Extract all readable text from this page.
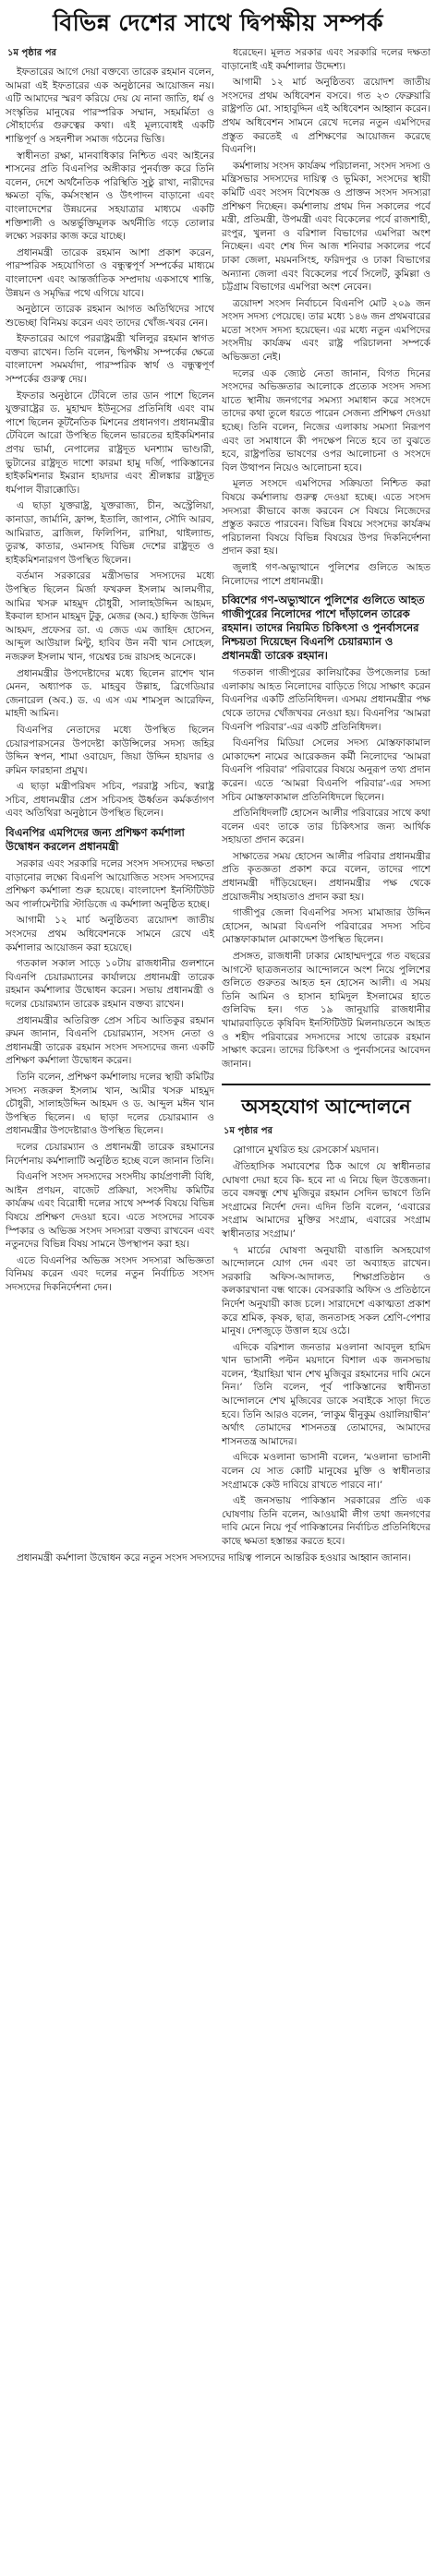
বিভিন্ন দেশের সাথে দ্বিপক্ষীয় সম্পর্ক
১ম পৃষ্ঠার পর

ইফতারের আগে দেয়া বক্তব্যে তারেক রহমান বলেন, আমরা এই ইফতারের এক অনুষ্ঠানের আয়োজন নয়। এটি আমাদের স্মরণ করিয়ে দেয় যে নানা জাতি, ধর্ম ও সংস্কৃতির মানুষের পারস্পরিক সম্মান, সহমর্মিতা ও সৌহার্দ্যের গুরুত্বের কথা। এই মূল্যবোধই একটি শান্তিপূর্ণ ও সহনশীল সমাজ গঠনের ভিত্তি।

স্বাধীনতা রক্ষা, মানবাধিকার নিশ্চিত এবং আইনের শাসনের প্রতি বিএনপির অঙ্গীকার পুনর্ব্যক্ত করে তিনি বলেন, দেশে অর্থনৈতিক পরিস্থিতি সুষ্ঠু রাখা, নারীদের ক্ষমতা বৃদ্ধি, কর্মসংস্থান ও উৎপাদন বাড়ানো এবং বাংলাদেশের উন্নয়নের সহযাত্রার মাধ্যমে একটি শক্তিশালী ও অন্তর্ভুক্তিমূলক অর্থনীতি গড়ে তোলার লক্ষ্যে সরকার কাজ করে যাচ্ছে।

প্রধানমন্ত্রী তারেক রহমান আশা প্রকাশ করেন, পারস্পরিক সহযোগিতা ও বন্ধুত্বপূর্ণ সম্পর্কের মাধ্যমে বাংলাদেশ এবং আন্তর্জাতিক সম্প্রদায় একসাথে শান্তি, উন্নয়ন ও সমৃদ্ধির পথে এগিয়ে যাবে।

অনুষ্ঠানে তারেক রহমান আগত অতিথিদের সাথে শুভেচ্ছা বিনিময় করেন এবং তাদের খোঁজ-খবর নেন।

ইফতারের আগে পররাষ্ট্রমন্ত্রী খলিলুর রহমান স্বাগত বক্তব্য রাখেন। তিনি বলেন, দ্বিপক্ষীয় সম্পর্কের ক্ষেত্রে বাংলাদেশ সমমর্যাদা, পারস্পরিক স্বার্থ ও বন্ধুত্বপূর্ণ সম্পর্কের গুরুত্ব দেয়।

ইফতার অনুষ্ঠানে টেবিলে তার ডান পাশে ছিলেন যুক্তরাষ্ট্রের ড. মুহাম্মদ ইউনূসের প্রতিনিধি এবং বাম পাশে ছিলেন কূটনৈতিক মিশনের প্রধানগণ। প্রধানমন্ত্রীর টেবিলে আরো উপস্থিত ছিলেন ভারতের হাইকমিশনার প্রণয় ভার্মা, নেপালের রাষ্ট্রদূত ঘনশ্যাম ভাণ্ডারী, ভুটানের রাষ্ট্রদূত দাশো কারমা হামু দর্জি, পাকিস্তানের হাইকমিশনার ইমরান হায়দার এবং শ্রীলঙ্কার রাষ্ট্রদূত ধর্মপাল বীরাক্কোডি।

এ ছাড়া যুক্তরাষ্ট্র, যুক্তরাজ্য, চীন, অস্ট্রেলিয়া, কানাডা, জার্মানি, ফ্রান্স, ইতালি, জাপান, সৌদি আরব, আমিরাত, ব্রাজিল, ফিলিপিন, রাশিয়া, থাইল্যান্ড, তুরস্ক, কাতার, ওমানসহ বিভিন্ন দেশের রাষ্ট্রদূত ও হাইকমিশনারগণ উপস্থিত ছিলেন।

বর্তমান সরকারের মন্ত্রীসভার সদস্যদের মধ্যে উপস্থিত ছিলেন মির্জা ফখরুল ইসলাম আলমগীর, আমির খসরু মাহমুদ চৌধুরী, সালাহউদ্দিন আহমদ, ইকবাল হাসান মাহমুদ টুকু, মেজর (অব.) হাফিজ উদ্দিন আহমদ, প্রফেসর ডা. এ জেড এম জাহিদ হোসেন, আব্দুল আউয়াল মিন্টু, হাবিব উন নবী খান সোহেল, নজরুল ইসলাম খান, গয়েশ্বর চন্দ্র রায়সহ অনেকে।

প্রধানমন্ত্রীর উপদেষ্টাদের মধ্যে ছিলেন রাশেদ খান মেনন, অধ্যাপক ড. মাহবুব উল্লাহ, ব্রিগেডিয়ার জেনারেল (অব.) ড. এ এস এম শামসুল আরেফিন, মাহদী আমিন।

বিএনপির নেতাদের মধ্যে উপস্থিত ছিলেন চেয়ারপারসনের উপদেষ্টা কাউন্সিলের সদস্য জহির উদ্দিন স্বপন, শামা ওবায়েদ, জিয়া উদ্দিন হায়দার ও রুমিন ফারহানা প্রমুখ।

এ ছাড়া মন্ত্রীপরিষদ সচিব, পররাষ্ট্র সচিব, স্বরাষ্ট্র সচিব, প্রধানমন্ত্রীর প্রেস সচিবসহ ঊর্ধ্বতন কর্মকর্তাগণ এবং অতিথিরা অনুষ্ঠানে উপস্থিত ছিলেন।

বিএনপির এমপিদের জন্য প্রশিক্ষণ কর্মশালা উদ্বোধন করলেন প্রধানমন্ত্রী

সরকার এবং সরকারি দলের সংসদ সদস্যদের দক্ষতা বাড়ানোর লক্ষ্যে বিএনপি আয়োজিত সংসদ সদস্যদের প্রশিক্ষণ কর্মশালা শুরু হয়েছে। বাংলাদেশ ইনস্টিটিউট অব পার্লামেন্টারি স্টাডিজে এ কর্মশালা অনুষ্ঠিত হচ্ছে।

আগামী ১২ মার্চ অনুষ্ঠিতব্য ত্রয়োদশ জাতীয় সংসদের প্রথম অধিবেশনকে সামনে রেখে এই কর্মশালার আয়োজন করা হয়েছে।

গতকাল সকাল সাড়ে ১০টায় রাজধানীর গুলশানে বিএনপি চেয়ারম্যানের কার্যালয়ে প্রধানমন্ত্রী তারেক রহমান কর্মশালার উদ্বোধন করেন। সভায় প্রধানমন্ত্রী ও দলের চেয়ারম্যান তারেক রহমান বক্তব্য রাখেন।

প্রধানমন্ত্রীর অতিরিক্ত প্রেস সচিব আতিকুর রহমান রুমন জানান, বিএনপি চেয়ারম্যান, সংসদ নেতা ও প্রধানমন্ত্রী তারেক রহমান সংসদ সদস্যদের জন্য একটি প্রশিক্ষণ কর্মশালা উদ্বোধন করেন।

তিনি বলেন, প্রশিক্ষণ কর্মশালায় দলের স্থায়ী কমিটির সদস্য নজরুল ইসলাম খান, আমীর খসরু মাহমুদ চৌধুরী, সালাহউদ্দিন আহমদ ও ড. আব্দুল মঈন খান উপস্থিত ছিলেন। এ ছাড়া দলের চেয়ারম্যান ও প্রধানমন্ত্রীর উপদেষ্টারাও উপস্থিত ছিলেন।

দলের চেয়ারম্যান ও প্রধানমন্ত্রী তারেক রহমানের নির্দেশনায় কর্মশালাটি অনুষ্ঠিত হচ্ছে বলে জানান তিনি।

বিএনপি সংসদ সদস্যদের সংসদীয় কার্যপ্রণালী বিধি, আইন প্রণয়ন, বাজেট প্রক্রিয়া, সংসদীয় কমিটির কার্যক্রম এবং বিরোধী দলের সাথে সম্পর্ক বিষয়ে বিভিন্ন বিষয়ে প্রশিক্ষণ দেওয়া হবে। এতে সংসদের সাবেক স্পিকার ও অভিজ্ঞ সংসদ সদস্যরা বক্তব্য রাখবেন এবং নতুনদের বিভিন্ন বিষয় সামনে উপস্থাপন করা হয়।

এতে বিএনপির অভিজ্ঞ সংসদ সদস্যরা অভিজ্ঞতা বিনিময় করেন এবং দলের নতুন নির্বাচিত সংসদ সদস্যদের দিকনির্দেশনা দেন।

ধরেছেন। মূলত সরকার এবং সরকারি দলের দক্ষতা বাড়ানোই এই কর্মশালার উদ্দেশ্য।

আগামী ১২ মার্চ অনুষ্ঠিতব্য ত্রয়োদশ জাতীয় সংসদের প্রথম অধিবেশন বসবে। গত ২৩ ফেব্রুয়ারি রাষ্ট্রপতি মো. সাহাবুদ্দিন এই অধিবেশন আহ্বান করেন। প্রথম অধিবেশন সামনে রেখে দলের নতুন এমপিদের প্রস্তুত করতেই এ প্রশিক্ষণের আয়োজন করেছে বিএনপি।

কর্মশালায় সংসদ কার্যক্রম পরিচালনা, সংসদ সদস্য ও মন্ত্রিসভার সদস্যদের দায়িত্ব ও ভূমিকা, সংসদের স্থায়ী কমিটি এবং সংসদ বিশেষজ্ঞ ও প্রাক্তন সংসদ সদস্যরা প্রশিক্ষণ দিচ্ছেন। কর্মশালায় প্রথম দিন সকালের পর্বে মন্ত্রী, প্রতিমন্ত্রী, উপমন্ত্রী এবং বিকেলের পর্বে রাজশাহী, রংপুর, খুলনা ও বরিশাল বিভাগের এমপিরা অংশ নিচ্ছেন। এবং শেষ দিন আজ শনিবার সকালের পর্বে ঢাকা জেলা, ময়মনসিংহ, ফরিদপুর ও ঢাকা বিভাগের অন্যান্য জেলা এবং বিকেলের পর্বে সিলেট, কুমিল্লা ও চট্টগ্রাম বিভাগের এমপিরা অংশ নেবেন।

ত্রয়োদশ সংসদ নির্বাচনে বিএনপি মোট ২০৯ জন সংসদ সদস্য পেয়েছে। তার মধ্যে ১৪৬ জন প্রথমবারের মতো সংসদ সদস্য হয়েছেন। এর মধ্যে নতুন এমপিদের সংসদীয় কার্যক্রম এবং রাষ্ট্র পরিচালনা সম্পর্কে অভিজ্ঞতা নেই।

দলের এক জ্যেষ্ঠ নেতা জানান, বিগত দিনের সংসদের অভিজ্ঞতার আলোকে প্রত্যেক সংসদ সদস্য যাতে স্থানীয় জনগণের সমস্যা সমাধান করে সংসদে তাদের কথা তুলে ধরতে পারেন সেজন্য প্রশিক্ষণ দেওয়া হচ্ছে। তিনি বলেন, নিজের এলাকায় সমস্যা নিরূপণ এবং তা সমাধানে কী পদক্ষেপ নিতে হবে তা বুঝতে হবে, রাষ্ট্রপতির ভাষণের ওপর আলোচনা ও সংসদে বিল উত্থাপন নিয়েও আলোচনা হবে।

মূলত সংসদে এমপিদের সক্রিয়তা নিশ্চিত করা বিষয়ে কর্মশালায় গুরুত্ব দেওয়া হচ্ছে। এতে সংসদ সদস্যরা কীভাবে কাজ করবেন সে বিষয়ে নিজেদের প্রস্তুত করতে পারবেন। বিভিন্ন বিষয়ে সংসদের কার্যক্রম পরিচালনা বিষয়ে বিভিন্ন বিষয়ের উপর দিকনির্দেশনা প্রদান করা হয়।

জুলাই গণ-অভ্যুত্থানে পুলিশের গুলিতে আহত নিলোদের পাশে প্রধানমন্ত্রী।

চব্বিশের গণ-অভ্যুত্থানে পুলিশের গুলিতে আহত গাজীপুরের নিলোদের পাশে দাঁড়ালেন তারেক রহমান। তাদের নিয়মিত চিকিৎসা ও পুনর্বাসনের নিশ্চয়তা দিয়েছেন বিএনপি চেয়ারম্যান ও প্রধানমন্ত্রী তারেক রহমান।

গতকাল গাজীপুরের কালিয়াকৈর উপজেলার চন্দ্রা এলাকায় আহত নিলোদের বাড়িতে গিয়ে সাক্ষাৎ করেন বিএনপির একটি প্রতিনিধিদল। এসময় প্রধানমন্ত্রীর পক্ষ থেকে তাদের খোঁজখবর নেওয়া হয়। বিএনপির ‘আমরা বিএনপি পরিবার’-এর একটি প্রতিনিধিদল।

বিএনপির মিডিয়া সেলের সদস্য মোস্তফাকামাল মোকাদ্দেশ নামের আরেকজন কর্মী নিলোদের ‘আমরা বিএনপি পরিবার’ পরিবারের বিষয়ে অনুরূপ তথ্য প্রদান করেন। এতে ‘আমরা বিএনপি পরিবার’-এর সদস্য সচিব মোস্তফাকামাল প্রতিনিধিদলে ছিলেন।

প্রতিনিধিদলটি হোসেন আলীর পরিবারের সাথে কথা বলেন এবং তাকে তার চিকিৎসার জন্য আর্থিক সহায়তা প্রদান করেন।

সাক্ষাতের সময় হোসেন আলীর পরিবার প্রধানমন্ত্রীর প্রতি কৃতজ্ঞতা প্রকাশ করে বলেন, তাদের পাশে প্রধানমন্ত্রী দাঁড়িয়েছেন। প্রধানমন্ত্রীর পক্ষ থেকে প্রয়োজনীয় সহায়তাও প্রদান করা হয়।

গাজীপুর জেলা বিএনপির সদস্য মামাজার উদ্দিন হোসেন, আমরা বিএনপি পরিবারের সদস্য সচিব মোস্তফাকামাল মোকাদ্দেশ উপস্থিত ছিলেন।

প্রসঙ্গত, রাজধানী ঢাকার মোহাম্মদপুরে গত বছরের আগস্টে ছাত্রজনতার আন্দোলনে অংশ নিয়ে পুলিশের গুলিতে গুরুতর আহত হন হোসেন আলী। এ সময় তিনি আমিন ও হাসান হামিদুল ইসলামের হাতে গুলিবিদ্ধ হন। গত ১৯ জানুয়ারি রাজধানীর খামারবাড়িতে কৃষিবিদ ইনস্টিটিউট মিলনায়তনে আহত ও শহীদ পরিবারের সদস্যদের সাথে তারেক রহমান সাক্ষাৎ করেন। তাদের চিকিৎসা ও পুনর্বাসনের আবেদন জানান।

অসহযোগ আন্দোলনে
১ম পৃষ্ঠার পর

স্লোগানে মুখরিত হয় রেসকোর্স ময়দান।

ঐতিহাসিক সমাবেশের ঠিক আগে যে স্বাধীনতার ঘোষণা দেয়া হবে কি- হবে না এ নিয়ে ছিল উত্তেজনা। তবে বঙ্গবন্ধু শেখ মুজিবুর রহমান সেদিন ভাষণে তিনি সংগ্রামের নির্দেশ দেন। এদিন তিনি বলেন, ‘এবারের সংগ্রাম আমাদের মুক্তির সংগ্রাম, এবারের সংগ্রাম স্বাধীনতার সংগ্রাম।’

৭ মার্চের ঘোষণা অনুযায়ী বাঙালি অসহযোগ আন্দোলনে যোগ দেন এবং তা অব্যাহত রাখেন। সরকারি অফিস-আদালত, শিক্ষাপ্রতিষ্ঠান ও কলকারখানা বন্ধ থাকে। বেসরকারি অফিস ও প্রতিষ্ঠানে নির্দেশ অনুযায়ী কাজ চলে। সারাদেশে একাত্মতা প্রকাশ করে শ্রমিক, কৃষক, ছাত্র, জনতাসহ সকল শ্রেণি-পেশার মানুষ। দেশজুড়ে উত্তাল হয়ে ওঠে।

এদিকে বরিশাল জনতার মওলানা আবদুল হামিদ খান ভাসানী পল্টন ময়দানে বিশাল এক জনসভায় বলেন, ‘ইয়াহিয়া খান শেখ মুজিবুর রহমানের দাবি মেনে নিন।’ তিনি বলেন, পূর্ব পাকিস্তানের স্বাধীনতা আন্দোলনে শেখ মুজিবের ডাকে সবাইকে সাড়া দিতে হবে। তিনি আরও বলেন, ‘লাকুম দ্বীনুকুম ওয়ালিয়াদ্বীন’ অর্থাৎ তোমাদের শাসনতন্ত্র তোমাদের, আমাদের শাসনতন্ত্র আমাদের।

এদিকে মওলানা ভাসানী বলেন, ‘মওলানা ভাসানী বলেন যে সাত কোটি মানুষের মুক্তি ও স্বাধীনতার সংগ্রামকে কেউ দাবিয়ে রাখতে পারবে না।’

এই জনসভায় পাকিস্তান সরকারের প্রতি এক ঘোষণায় তিনি বলেন, আওয়ামী লীগ তথা জনগণের দাবি মেনে নিয়ে পূর্ব পাকিস্তানের নির্বাচিত প্রতিনিধিদের কাছে ক্ষমতা হস্তান্তর করতে হবে।

প্রধানমন্ত্রী কর্মশালা উদ্বোধন করে নতুন সংসদ সদস্যদের দায়িত্ব পালনে আন্তরিক হওয়ার আহ্বান জানান।
